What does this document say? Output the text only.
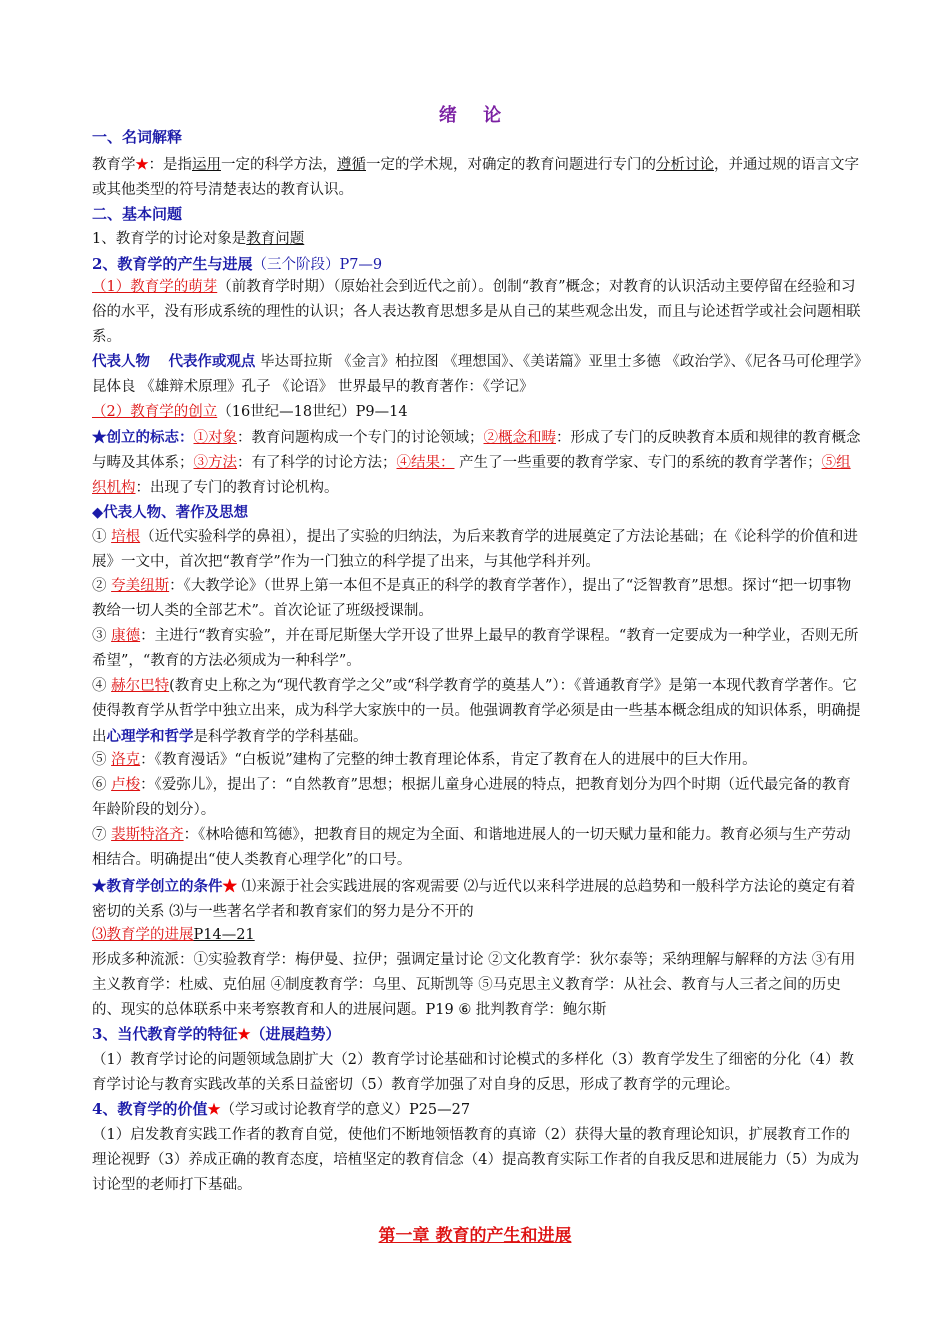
绪 论

一、名词解释

教育学★：是指运用一定的科学方法，遵循一定的学术规，对确定的教育问题进行专门的分析讨论，并通过规的语言文字或其他类型的符号清楚表达的教育认识。

二、基本问题

1、教育学的讨论对象是教育问题

2、教育学的产生与进展（三个阶段）P7—9

（1）教育学的萌芽（前教育学时期）（原始社会到近代之前）。创制“教育”概念；对教育的认识活动主要停留在经验和习俗的水平，没有形成系统的理性的认识；各人表达教育思想多是从自己的某些观念出发，而且与论述哲学或社会问题相联系。

代表人物 代表作或观点 毕达哥拉斯 《金言》柏拉图 《理想国》、《美诺篇》亚里士多德 《政治学》、《尼各马可伦理学》昆体良 《雄辩术原理》孔子 《论语》 世界最早的教育著作：《学记》

（2）教育学的创立（16世纪—18世纪）P9—14

★创立的标志：①对象：教育问题构成一个专门的讨论领域；②概念和畴：形成了专门的反映教育本质和规律的教育概念与畴及其体系；③方法：有了科学的讨论方法；④结果： 产生了一些重要的教育学家、专门的系统的教育学著作；⑤组织机构：出现了专门的教育讨论机构。

◆代表人物、著作及思想

① 培根（近代实验科学的鼻祖），提出了实验的归纳法，为后来教育学的进展奠定了方法论基础；在《论科学的价值和进展》一文中，首次把“教育学”作为一门独立的科学提了出来，与其他学科并列。

② 夸美纽斯：《大教学论》（世界上第一本但不是真正的科学的教育学著作），提出了“泛智教育”思想。探讨“把一切事物教给一切人类的全部艺术”。首次论证了班级授课制。

③ 康德：主进行“教育实验”，并在哥尼斯堡大学开设了世界上最早的教育学课程。“教育一定要成为一种学业，否则无所希望”，“教育的方法必须成为一种科学”。

④ 赫尔巴特(教育史上称之为“现代教育学之父”或“科学教育学的奠基人”）：《普通教育学》是第一本现代教育学著作。它使得教育学从哲学中独立出来，成为科学大家族中的一员。他强调教育学必须是由一些基本概念组成的知识体系，明确提出心理学和哲学是科学教育学的学科基础。

⑤ 洛克：《教育漫话》“白板说”建构了完整的绅士教育理论体系，肯定了教育在人的进展中的巨大作用。

⑥ 卢梭：《爱弥儿》，提出了：“自然教育”思想；根据儿童身心进展的特点，把教育划分为四个时期（近代最完备的教育年龄阶段的划分）。

⑦ 裴斯特洛齐：《林哈德和笃德》，把教育目的规定为全面、和谐地进展人的一切天赋力量和能力。教育必须与生产劳动相结合。明确提出“使人类教育心理学化”的口号。

★教育学创立的条件★ ⑴来源于社会实践进展的客观需要 ⑵与近代以来科学进展的总趋势和一般科学方法论的奠定有着密切的关系 ⑶与一些著名学者和教育家们的努力是分不开的

⑶教育学的进展P14—21

形成多种流派：①实验教育学：梅伊曼、拉伊；强调定量讨论 ②文化教育学：狄尔泰等；采纳理解与解释的方法 ③有用主义教育学：杜威、克伯屈 ④制度教育学：乌里、瓦斯凯等 ⑤马克思主义教育学：从社会、教育与人三者之间的历史的、现实的总体联系中来考察教育和人的进展问题。P19 ⑥ 批判教育学：鲍尔斯

3、当代教育学的特征★（进展趋势）

（1）教育学讨论的问题领域急剧扩大（2）教育学讨论基础和讨论模式的多样化（3）教育学发生了细密的分化（4）教育学讨论与教育实践改革的关系日益密切（5）教育学加强了对自身的反思，形成了教育学的元理论。

4、教育学的价值★（学习或讨论教育学的意义）P25—27

（1）启发教育实践工作者的教育自觉，使他们不断地领悟教育的真谛（2）获得大量的教育理论知识，扩展教育工作的理论视野（3）养成正确的教育态度，培植坚定的教育信念（4）提高教育实际工作者的自我反思和进展能力（5）为成为讨论型的老师打下基础。

第一章 教育的产生和进展
